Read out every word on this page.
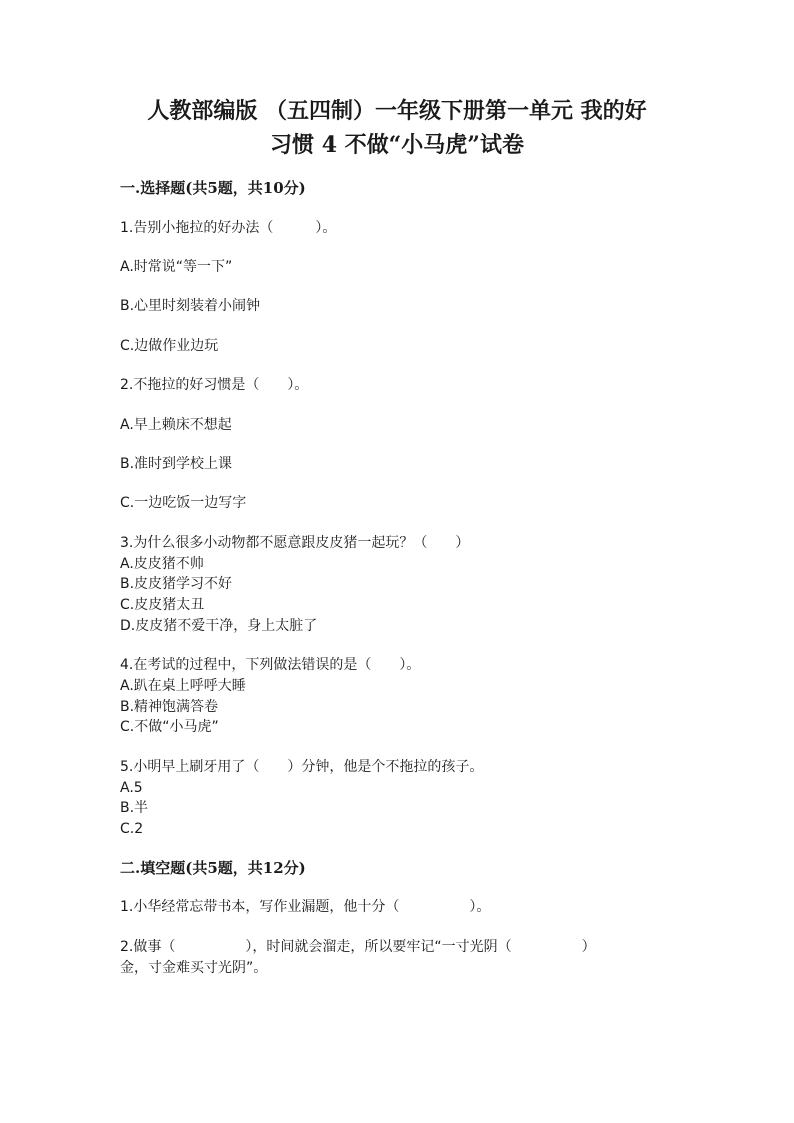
人教部编版 （五四制）一年级下册第一单元 我的好
习惯 4 不做“小马虎”试卷
一.选择题(共5题，共10分)
1.告别小拖拉的好办法（　　　）。
A.时常说“等一下”
B.心里时刻装着小闹钟
C.边做作业边玩
2.不拖拉的好习惯是（　　）。
A.早上赖床不想起
B.准时到学校上课
C.一边吃饭一边写字
3.为什么很多小动物都不愿意跟皮皮猪一起玩？（　　）
A.皮皮猪不帅
B.皮皮猪学习不好
C.皮皮猪太丑
D.皮皮猪不爱干净，身上太脏了
4.在考试的过程中，下列做法错误的是（　　）。
A.趴在桌上呼呼大睡
B.精神饱满答卷
C.不做“小马虎”
5.小明早上刷牙用了（　　）分钟，他是个不拖拉的孩子。
A.5
B.半
C.2
二.填空题(共5题，共12分)
1.小华经常忘带书本，写作业漏题，他十分（　　　　　）。
2.做事（　　　　　），时间就会溜走，所以要牢记“一寸光阴（　　　　　）
金，寸金难买寸光阴”。
